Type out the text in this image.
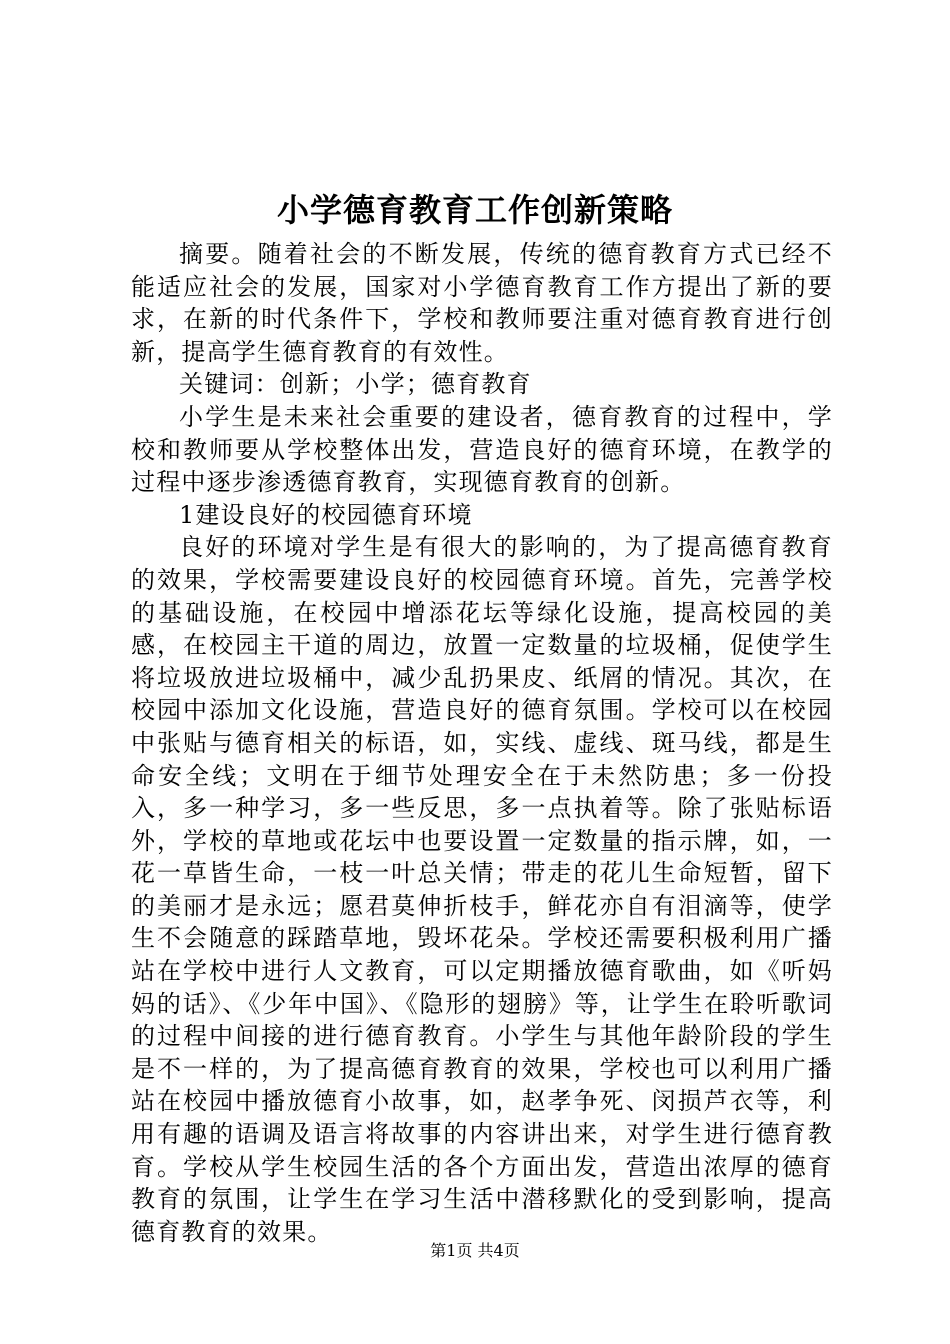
小学德育教育工作创新策略

摘要。随着社会的不断发展，传统的德育教育方式已经不能适应社会的发展，国家对小学德育教育工作方提出了新的要求，在新的时代条件下，学校和教师要注重对德育教育进行创新，提高学生德育教育的有效性。

关键词：创新；小学；德育教育

小学生是未来社会重要的建设者，德育教育的过程中，学校和教师要从学校整体出发，营造良好的德育环境，在教学的过程中逐步渗透德育教育，实现德育教育的创新。

1建设良好的校园德育环境

良好的环境对学生是有很大的影响的，为了提高德育教育的效果，学校需要建设良好的校园德育环境。首先，完善学校的基础设施，在校园中增添花坛等绿化设施，提高校园的美感，在校园主干道的周边，放置一定数量的垃圾桶，促使学生将垃圾放进垃圾桶中，减少乱扔果皮、纸屑的情况。其次，在校园中添加文化设施，营造良好的德育氛围。学校可以在校园中张贴与德育相关的标语，如，实线、虚线、斑马线，都是生命安全线；文明在于细节处理安全在于未然防患；多一份投入，多一种学习，多一些反思，多一点执着等。除了张贴标语外，学校的草地或花坛中也要设置一定数量的指示牌，如，一花一草皆生命，一枝一叶总关情；带走的花儿生命短暂，留下的美丽才是永远；愿君莫伸折枝手，鲜花亦自有泪滴等，使学生不会随意的踩踏草地，毁坏花朵。学校还需要积极利用广播站在学校中进行人文教育，可以定期播放德育歌曲，如《听妈妈的话》、《少年中国》、《隐形的翅膀》等，让学生在聆听歌词的过程中间接的进行德育教育。小学生与其他年龄阶段的学生是不一样的，为了提高德育教育的效果，学校也可以利用广播站在校园中播放德育小故事，如，赵孝争死、闵损芦衣等，利用有趣的语调及语言将故事的内容讲出来，对学生进行德育教育。学校从学生校园生活的各个方面出发，营造出浓厚的德育教育的氛围，让学生在学习生活中潜移默化的受到影响，提高德育教育的效果。

第1页 共4页
